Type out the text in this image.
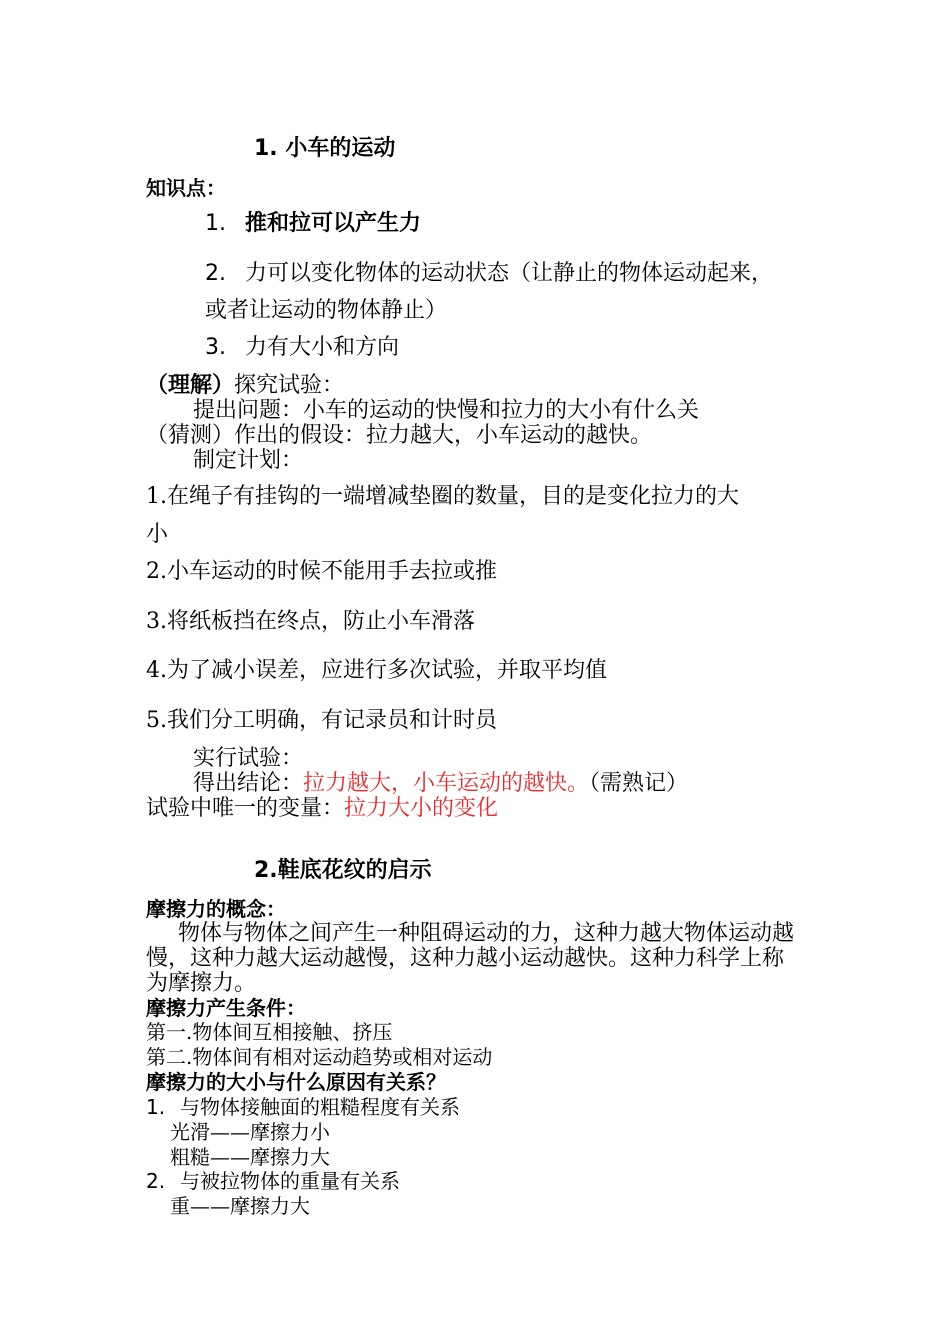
1. 小车的运动
知识点：
1. 推和拉可以产生力
2. 力可以变化物体的运动状态（让静止的物体运动起来，
或者让运动的物体静止）
3. 力有大小和方向
（理解）探究试验：
提出问题：小车的运动的快慢和拉力的大小有什么关
（猜测）作出的假设：拉力越大，小车运动的越快。
制定计划：
1.在绳子有挂钩的一端增减垫圈的数量，目的是变化拉力的大
小
2.小车运动的时候不能用手去拉或推
3.将纸板挡在终点，防止小车滑落
4.为了减小误差，应进行多次试验，并取平均值
5.我们分工明确，有记录员和计时员
实行试验：
得出结论：拉力越大，小车运动的越快。（需熟记）
试验中唯一的变量：拉力大小的变化
2.鞋底花纹的启示
摩擦力的概念：
物体与物体之间产生一种阻碍运动的力，这种力越大物体运动越
慢，这种力越大运动越慢，这种力越小运动越快。这种力科学上称
为摩擦力。
摩擦力产生条件：
第一.物体间互相接触、挤压
第二.物体间有相对运动趋势或相对运动
摩擦力的大小与什么原因有关系？
1. 与物体接触面的粗糙程度有关系
光滑——摩擦力小
粗糙——摩擦力大
2. 与被拉物体的重量有关系
重——摩擦力大
